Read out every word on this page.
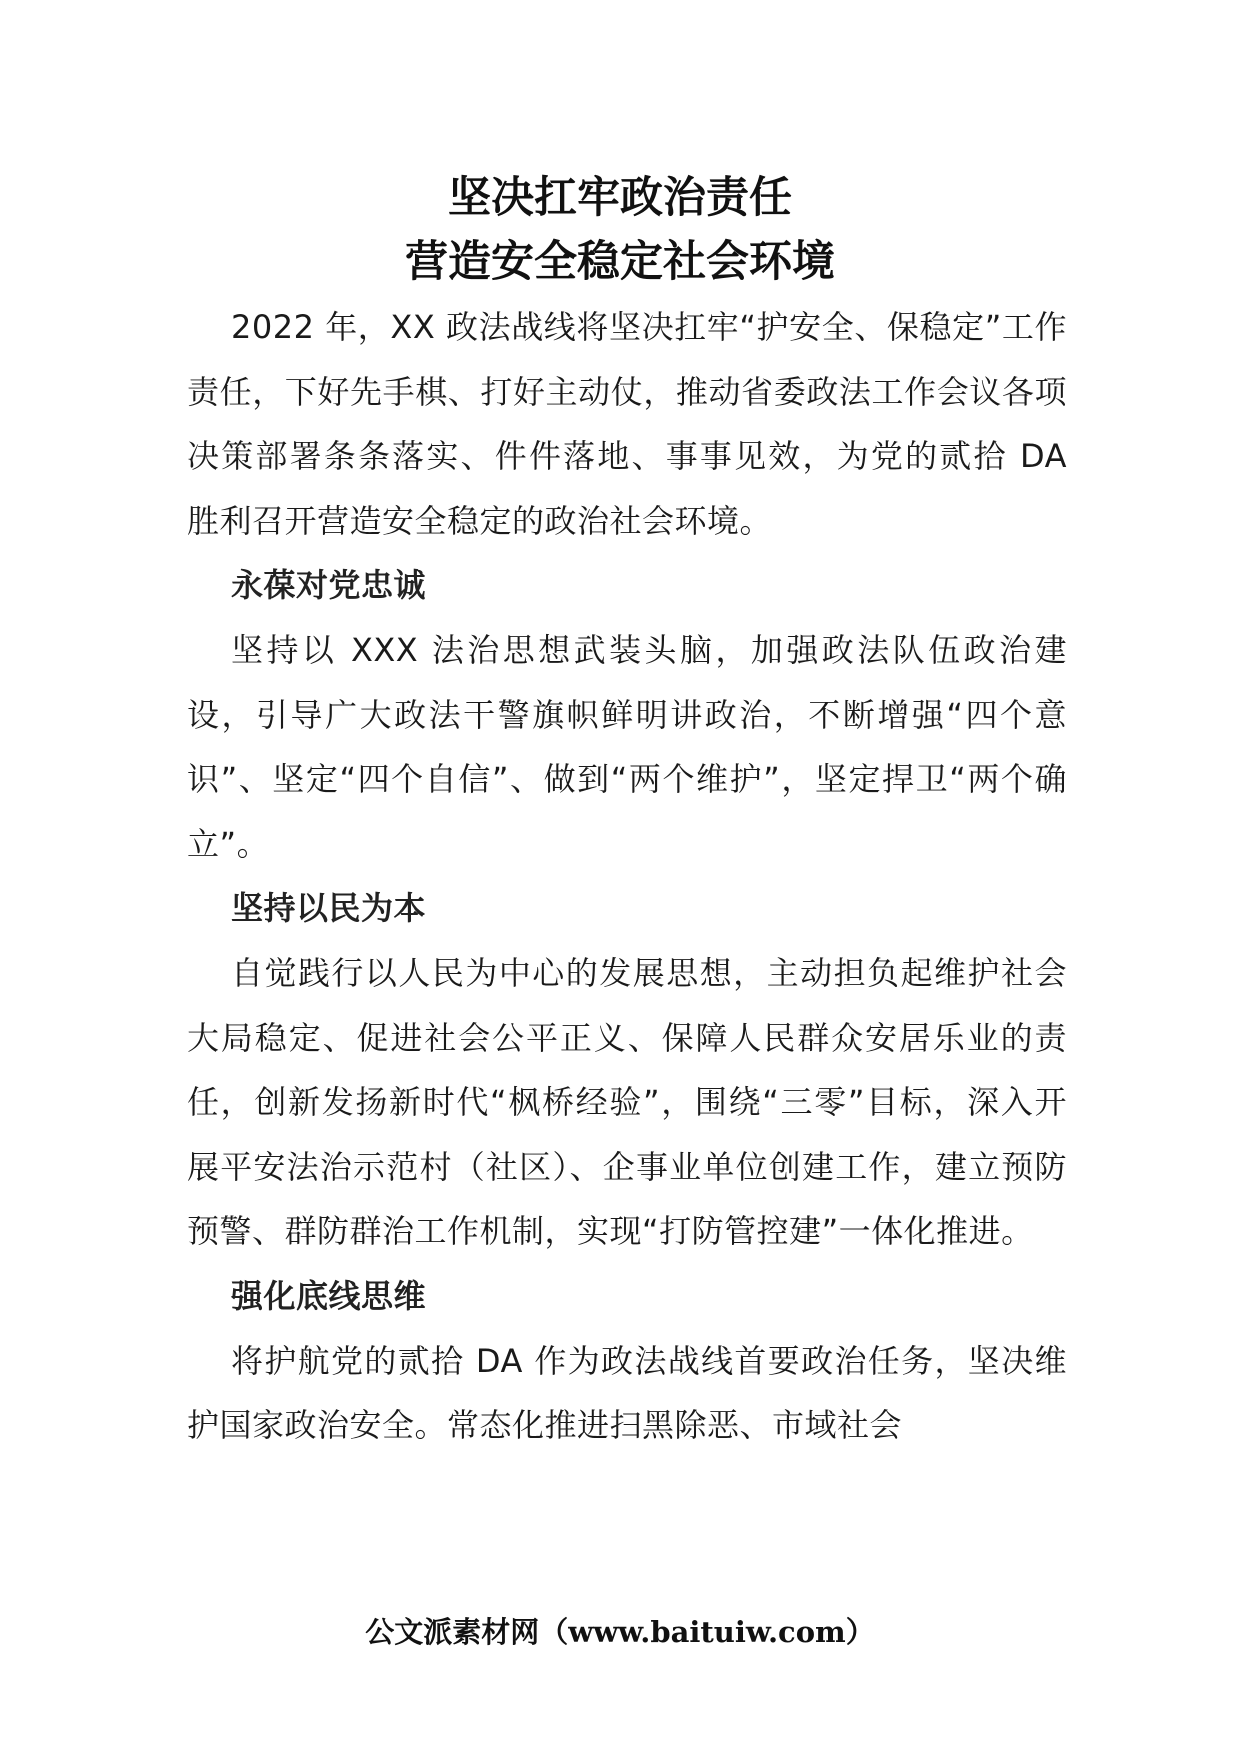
坚决扛牢政治责任
营造安全稳定社会环境

2022 年，XX 政法战线将坚决扛牢“护安全、保稳定”工作责任，下好先手棋、打好主动仗，推动省委政法工作会议各项决策部署条条落实、件件落地、事事见效，为党的贰拾 DA 胜利召开营造安全稳定的政治社会环境。

永葆对党忠诚

坚持以 XXX 法治思想武装头脑，加强政法队伍政治建设，引导广大政法干警旗帜鲜明讲政治，不断增强“四个意识”、坚定“四个自信”、做到“两个维护”，坚定捍卫“两个确立”。

坚持以民为本

自觉践行以人民为中心的发展思想，主动担负起维护社会大局稳定、促进社会公平正义、保障人民群众安居乐业的责任，创新发扬新时代“枫桥经验”，围绕“三零”目标，深入开展平安法治示范村（社区）、企事业单位创建工作，建立预防预警、群防群治工作机制，实现“打防管控建”一体化推进。

强化底线思维

将护航党的贰拾 DA 作为政法战线首要政治任务，坚决维护国家政治安全。常态化推进扫黑除恶、市域社会

公文派素材网（www.baituiw.com）
